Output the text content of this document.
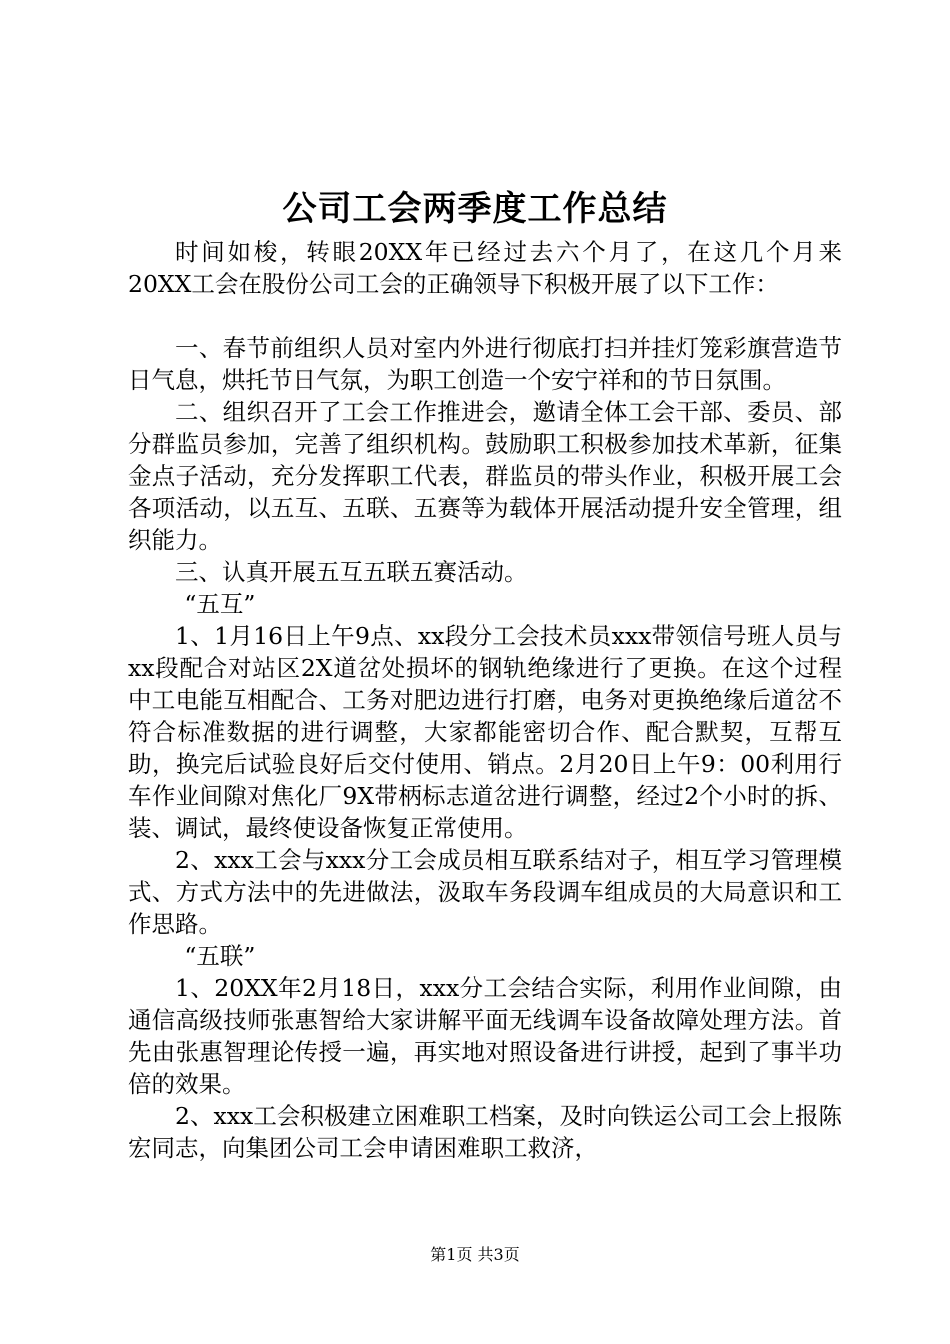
公司工会两季度工作总结

时间如梭，转眼20XX年已经过去六个月了，在这几个月来20XX工会在股份公司工会的正确领导下积极开展了以下工作：

一、春节前组织人员对室内外进行彻底打扫并挂灯笼彩旗营造节日气息，烘托节日气氛，为职工创造一个安宁祥和的节日氛围。

二、组织召开了工会工作推进会，邀请全体工会干部、委员、部分群监员参加，完善了组织机构。鼓励职工积极参加技术革新，征集金点子活动，充分发挥职工代表，群监员的带头作业，积极开展工会各项活动，以五互、五联、五赛等为载体开展活动提升安全管理，组织能力。

三、认真开展五互五联五赛活动。

“五互”

1、1月16日上午9点、xx段分工会技术员xxx带领信号班人员与xx段配合对站区2X道岔处损坏的钢轨绝缘进行了更换。在这个过程中工电能互相配合、工务对肥边进行打磨，电务对更换绝缘后道岔不符合标准数据的进行调整，大家都能密切合作、配合默契，互帮互助，换完后试验良好后交付使用、销点。2月20日上午9：00利用行车作业间隙对焦化厂9X带柄标志道岔进行调整，经过2个小时的拆、装、调试，最终使设备恢复正常使用。

2、xxx工会与xxx分工会成员相互联系结对子，相互学习管理模式、方式方法中的先进做法，汲取车务段调车组成员的大局意识和工作思路。

“五联”

1、20XX年2月18日，xxx分工会结合实际，利用作业间隙，由通信高级技师张惠智给大家讲解平面无线调车设备故障处理方法。首先由张惠智理论传授一遍，再实地对照设备进行讲授，起到了事半功倍的效果。

2、xxx工会积极建立困难职工档案，及时向铁运公司工会上报陈宏同志，向集团公司工会申请困难职工救济，

第1页 共3页
